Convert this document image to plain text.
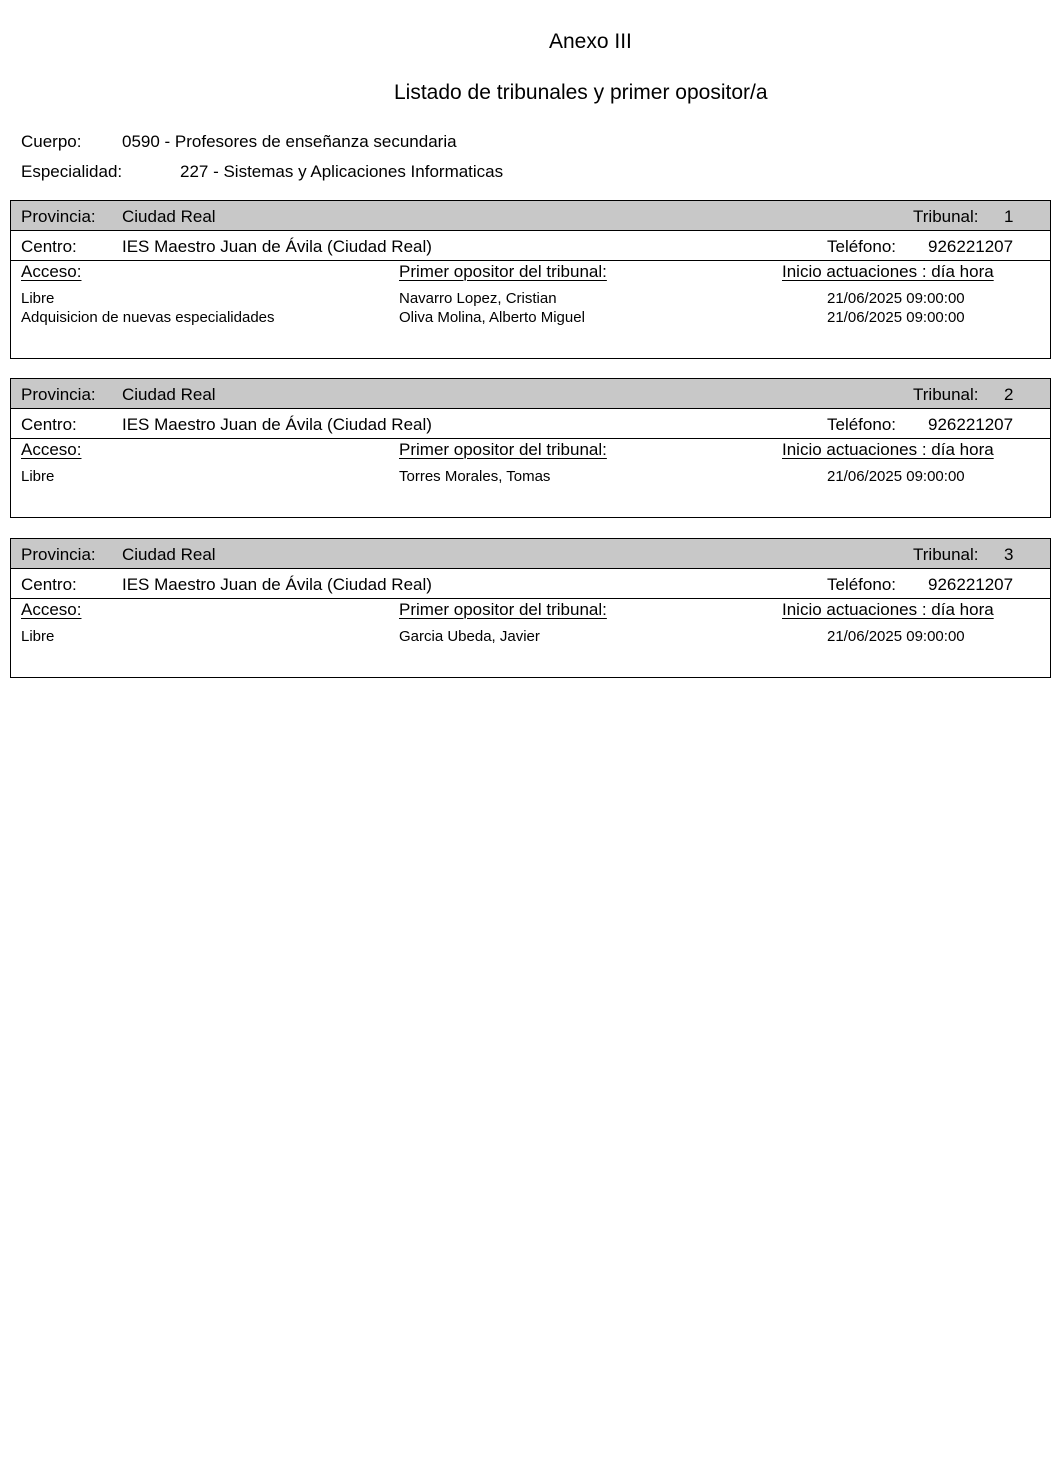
Anexo III
Listado de tribunales y primer opositor/a
Cuerpo: 0590 - Profesores de enseñanza secundaria
Especialidad:	227 - Sistemas y Aplicaciones Informaticas
Provincia: Ciudad Real	Tribunal: 1
Centro:	IES Maestro Juan de Ávila (Ciudad Real)	Teléfono: 926221207
Acceso:	Primer opositor del tribunal:	Inicio actuaciones : día hora
Libre	Navarro Lopez, Cristian	21/06/2025 09:00:00
Adquisicion de nuevas especialidades	Oliva Molina, Alberto Miguel	21/06/2025 09:00:00
Provincia: Ciudad Real	Tribunal: 2
Centro:	IES Maestro Juan de Ávila (Ciudad Real)	Teléfono: 926221207
Acceso:	Primer opositor del tribunal:	Inicio actuaciones : día hora
Libre	Torres Morales, Tomas	21/06/2025 09:00:00
Provincia: Ciudad Real	Tribunal: 3
Centro:	IES Maestro Juan de Ávila (Ciudad Real)	Teléfono: 926221207
Acceso:	Primer opositor del tribunal:	Inicio actuaciones : día hora
Libre	Garcia Ubeda, Javier	21/06/2025 09:00:00
